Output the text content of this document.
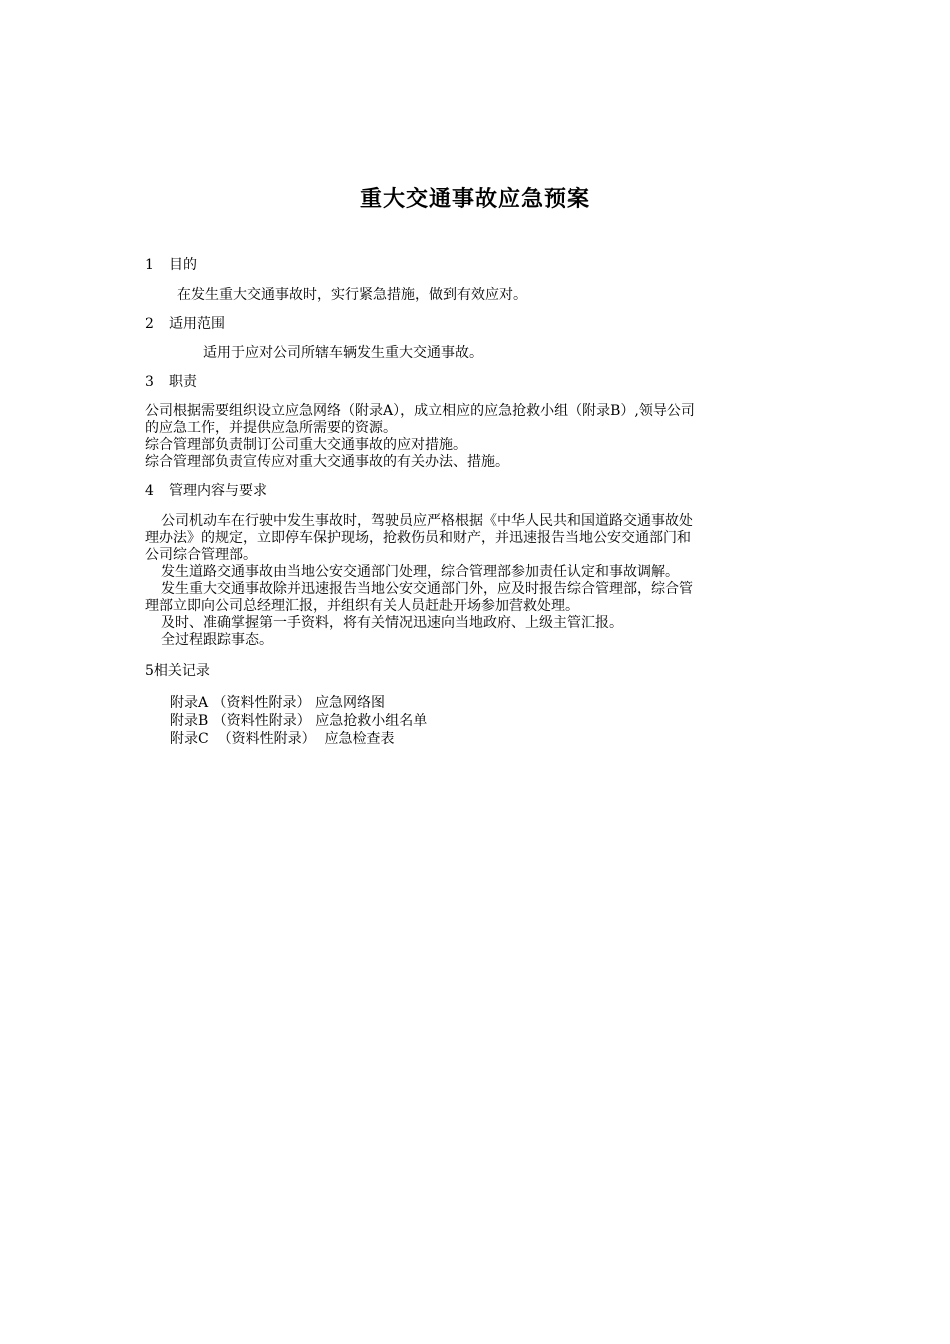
重大交通事故应急预案
1 目的
在发生重大交通事故时，实行紧急措施，做到有效应对。
2 适用范围
适用于应对公司所辖车辆发生重大交通事故。
3 职责
公司根据需要组织设立应急网络（附录A），成立相应的应急抢救小组（附录B）,领导公司
的应急工作，并提供应急所需要的资源。
综合管理部负责制订公司重大交通事故的应对措施。
综合管理部负责宣传应对重大交通事故的有关办法、措施。
4 管理内容与要求
公司机动车在行驶中发生事故时，驾驶员应严格根据《中华人民共和国道路交通事故处
理办法》的规定，立即停车保护现场，抢救伤员和财产，并迅速报告当地公安交通部门和
公司综合管理部。
发生道路交通事故由当地公安交通部门处理，综合管理部参加责任认定和事故调解。
发生重大交通事故除并迅速报告当地公安交通部门外，应及时报告综合管理部，综合管
理部立即向公司总经理汇报，并组织有关人员赶赴开场参加营救处理。
及时、准确掌握第一手资料，将有关情况迅速向当地政府、上级主管汇报。
全过程跟踪事态。
5相关记录
附录A （资料性附录） 应急网络图
附录B （资料性附录） 应急抢救小组名单
附录C  （资料性附录）  应急检查表
